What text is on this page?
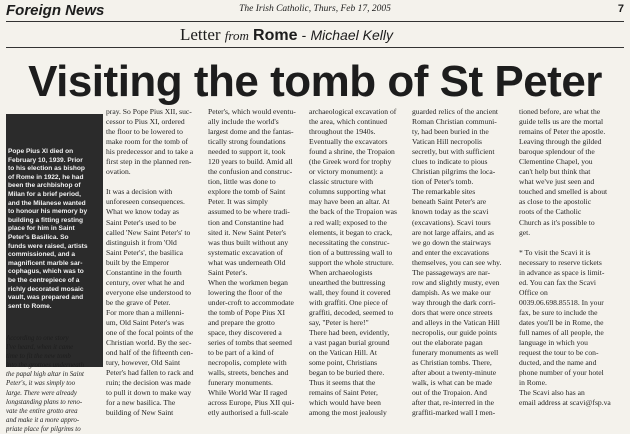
Foreign News	The Irish Catholic, Thurs, Feb 17, 2005	7
Letter from Rome - Michael Kelly
Visiting the tomb of St Peter
Pope Pius XI died on
February 10, 1939. Prior
to his election as bishop
of Rome in 1922, he had
been the archbishop of
Milan for a brief period,
and the Milanese wanted
to honour his memory by
building a fitting resting
place for him in Saint
Peter's Basilica. So
funds were raised, artists
commissioned, and a
magnificent marble sar-
cophagus, which was to
be the centrepiece of a
richly decorated mosaic
vault, was prepared and
sent to Rome.
According to one story
I've heard, when it came
time to fit the new tomb
into the grottoes underneath
the papal high altar in Saint
Peter's, it was simply too
large. There were already
longstanding plans to reno-
vate the entire grotto area
and make it a more appro-
priate place for pilgrims to
pray. So Pope Pius XII, suc-
cessor to Pius XI, ordered
the floor to be lowered to
make room for the tomb of
his predecessor and to take a
first step in the planned ren-
ovation.

It was a decision with
unforeseen consequences.
What we know today as
Saint Peter's used to be
called 'New Saint Peter's' to
distinguish it from 'Old
Saint Peter's', the basilica
built by the Emperor
Constantine in the fourth
century, over what he and
everyone else understood to
be the grave of Peter.
For more than a millenni-
um, Old Saint Peter's was
one of the focal points of the
Christian world. By the sec-
ond half of the fifteenth cen-
tury, however, Old Saint
Peter's had fallen to rack and
ruin; the decision was made
to pull it down to make way
for a new basilica. The
building of New Saint
Peter's, which would eventu-
ally include the world's
largest dome and the fantas-
tically strong foundations
needed to support it, took
120 years to build. Amid all
the confusion and construc-
tion, little was done to
explore the tomb of Saint
Peter. It was simply
assumed to be where tradi-
tion and Constantine had
sited it. New Saint Peter's
was thus built without any
systematic excavation of
what was underneath Old
Saint Peter's.
When the workmen began
lowering the floor of the
under-croft to accommodate
the tomb of Pope Pius XI
and prepare the grotto
space, they discovered a
series of tombs that seemed
to be part of a kind of
necropolis, complete with
walls, streets, benches and
funerary monuments.
While World War II raged
across Europe, Pius XII qui-
etly authorised a full-scale
archaeological excavation of
the area, which continued
throughout the 1940s.
Eventually the excavators
found a shrine, the Tropaion
(the Greek word for trophy
or victory monument): a
classic structure with
columns supporting what
may have been an altar. At
the back of the Tropaion was
a red wall; exposed to the
elements, it began to crack,
necessitating the construc-
tion of a buttressing wall to
support the whole structure.
When archaeologists
unearthed the buttressing
wall, they found it covered
with graffiti. One piece of
graffiti, decoded, seemed to
say, "Peter is here!"
There had been, evidently,
a vast pagan burial ground
on the Vatican Hill. At
some point, Christians
began to be buried there.
Thus it seems that the
remains of Saint Peter,
which would have been
among the most jealously
guarded relics of the ancient
Roman Christian communi-
ty, had been buried in the
Vatican Hill necropolis
secretly, but with sufficient
clues to indicate to pious
Christian pilgrims the loca-
tion of Peter's tomb.
The remarkable sites
beneath Saint Peter's are
known today as the scavi
(excavations). Scavi tours
are not large affairs, and as
we go down the stairways
and enter the excavations
themselves, you can see why.
The passageways are nar-
row and slightly musty, even
dampish. As we make our
way through the dark corri-
dors that were once streets
and alleys in the Vatican Hill
necropolis, our guide points
out the elaborate pagan
funerary monuments as well
as Christian tombs. There,
after about a twenty-minute
walk, is what can be made
out of the Tropaion. And
after that, re-interred in the
graffiti-marked wall I men-
tioned before, are what the
guide tells us are the mortal
remains of Peter the apostle.
Leaving through the gilded
baroque splendour of the
Clementine Chapel, you
can't help but think that
what we've just seen and
touched and smelled is about
as close to the apostolic
roots of the Catholic
Church as it's possible to
get.

* To visit the Scavi it is
necessary to reserve tickets
in advance as space is limit-
ed. You can fax the Scavi
Office on
0039.06.698.85518. In your
fax, be sure to include the
dates you'll be in Rome, the
full names of all people, the
language in which you
request the tour to be con-
ducted, and the name and
phone number of your hotel
in Rome.
The Scavi also has an
email address at scavi@fsp.va
